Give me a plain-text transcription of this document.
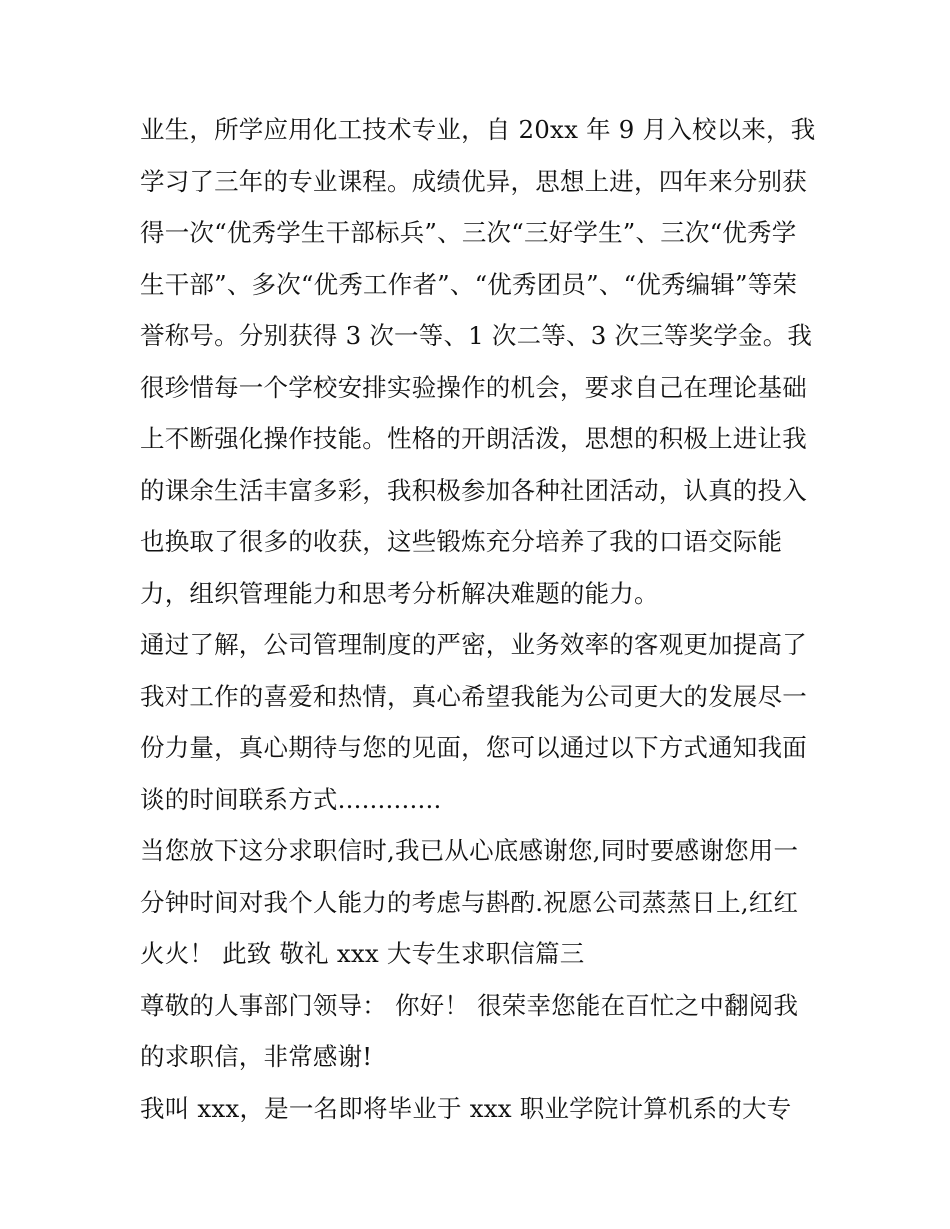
业生，所学应用化工技术专业，自 20xx 年 9 月入校以来，我
学习了三年的专业课程。成绩优异，思想上进，四年来分别获
得一次“优秀学生干部标兵”、三次“三好学生”、三次“优秀学
生干部”、多次“优秀工作者”、“优秀团员”、“优秀编辑”等荣
誉称号。分别获得 3 次一等、1 次二等、3 次三等奖学金。我
很珍惜每一个学校安排实验操作的机会，要求自己在理论基础
上不断强化操作技能。性格的开朗活泼，思想的积极上进让我
的课余生活丰富多彩，我积极参加各种社团活动，认真的投入
也换取了很多的收获，这些锻炼充分培养了我的口语交际能
力，组织管理能力和思考分析解决难题的能力。
通过了解，公司管理制度的严密，业务效率的客观更加提高了
我对工作的喜爱和热情，真心希望我能为公司更大的发展尽一
份力量，真心期待与您的见面，您可以通过以下方式通知我面
谈的时间联系方式.............
当您放下这分求职信时,我已从心底感谢您,同时要感谢您用一
分钟时间对我个人能力的考虑与斟酌.祝愿公司蒸蒸日上,红红
火火！ 此致 敬礼 xxx 大专生求职信篇三
尊敬的人事部门领导： 你好！ 很荣幸您能在百忙之中翻阅我
的求职信，非常感谢!
我叫 xxx，是一名即将毕业于 xxx 职业学院计算机系的大专
